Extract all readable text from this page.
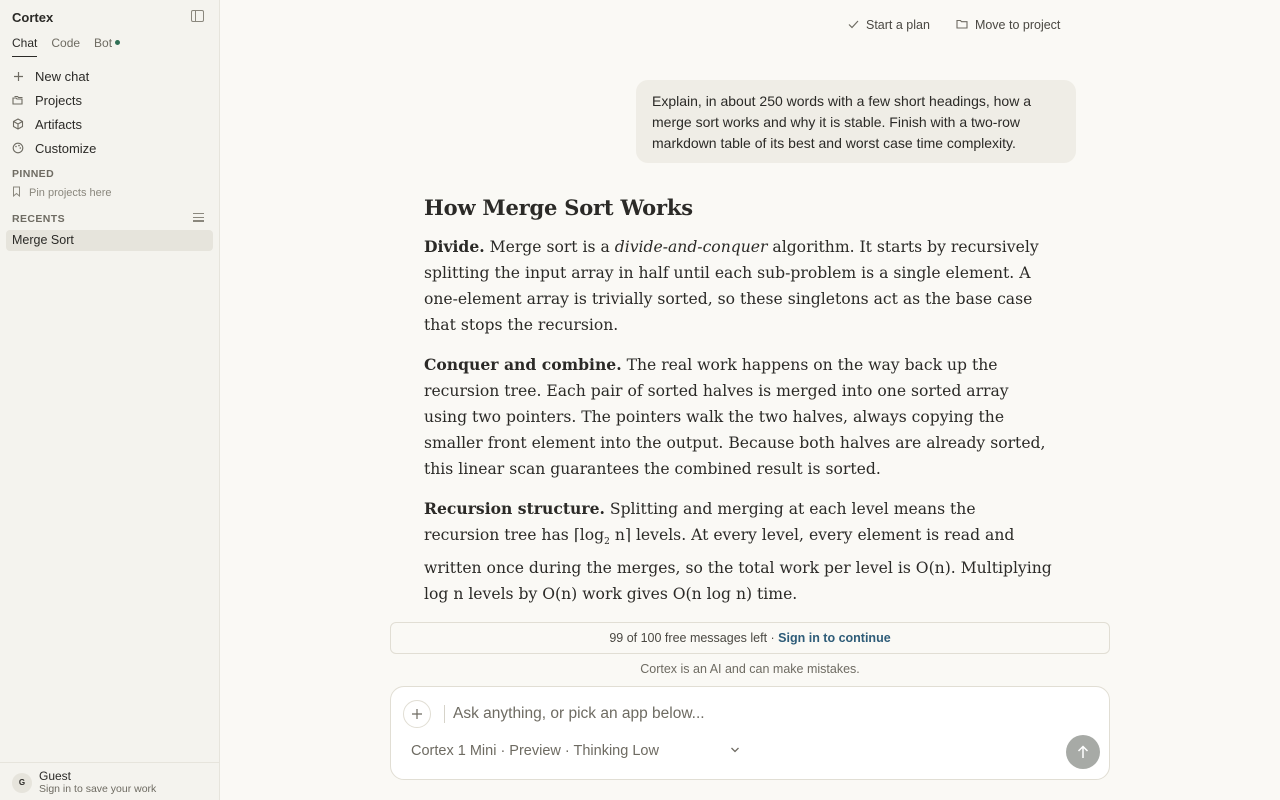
Cortex
Chat Code Bot
New chat
Projects
Artifacts
Customize
PINNED
Pin projects here
RECENTS
Merge Sort
G	Guest
Sign in to save your work
Start a plan	Move to project
Explain, in about 250 words with a few short headings, how a merge sort works and why it is stable. Finish with a two-row markdown table of its best and worst case time complexity.
How Merge Sort Works

Divide. Merge sort is a divide-and-conquer algorithm. It starts by recursively splitting the input array in half until each sub-problem is a single element. A one-element array is trivially sorted, so these singletons act as the base case that stops the recursion.

Conquer and combine. The real work happens on the way back up the recursion tree. Each pair of sorted halves is merged into one sorted array using two pointers. The pointers walk the two halves, always copying the smaller front element into the output. Because both halves are already sorted, this linear scan guarantees the combined result is sorted.

Recursion structure. Splitting and merging at each level means the recursion tree has $⌈\log_2$ n⌉ levels. At every level, every element is read and written once during the merges, so the total work per level is O(n). Multiplying log n levels by O(n) work gives O(n log n) time.

99 of 100 free messages left · Sign in to continue
Cortex is an AI and can make mistakes.
Ask anything, or pick an app below...
Cortex 1 Mini · Preview · Thinking Low
